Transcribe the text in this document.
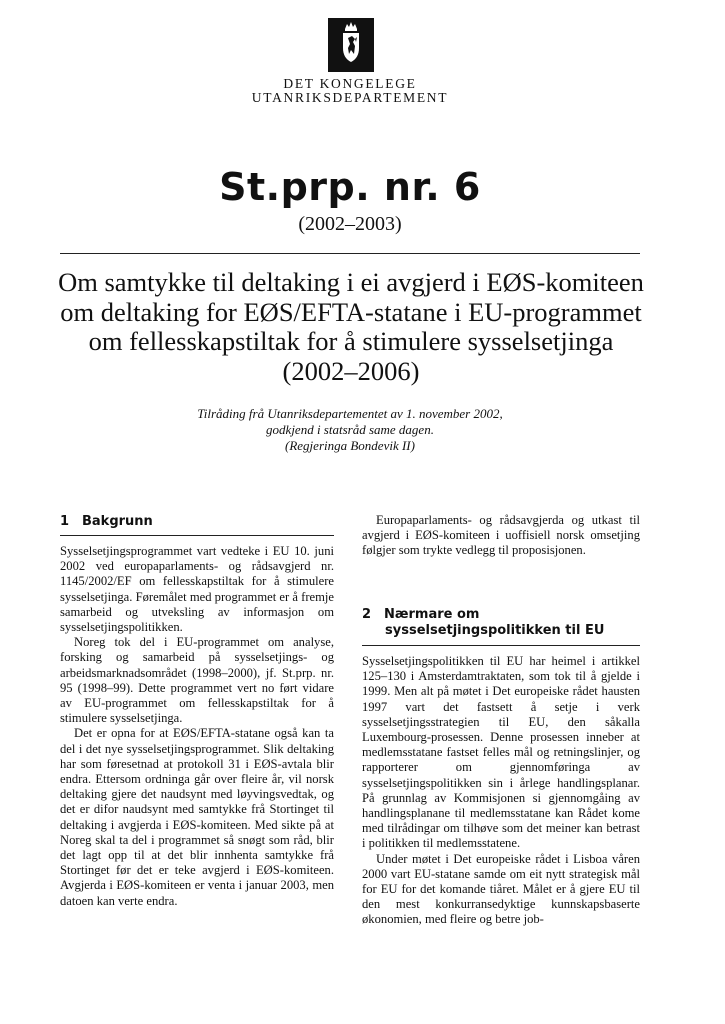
DET KONGELEGE
UTANRIKSDEPARTEMENT
St.prp. nr. 6
(2002–2003)
Om samtykke til deltaking i ei avgjerd i EØS-komiteen om deltaking for EØS/EFTA-statane i EU-programmet om fellesskapstiltak for å stimulere sysselsetjinga (2002–2006)
Tilråding frå Utanriksdepartementet av 1. november 2002,
godkjend i statsråd same dagen.
(Regjeringa Bondevik II)
1 Bakgrunn

Sysselsetjingsprogrammet vart vedteke i EU 10. juni 2002 ved europaparlaments- og rådsavgjerd nr. 1145/2002/EF om fellesskapstiltak for å stimulere sysselsetjinga. Føremålet med programmet er å fremje samarbeid og utveksling av informasjon om sysselsetjingspolitikken.

Noreg tok del i EU-programmet om analyse, forsking og samarbeid på sysselsetjings- og arbeidsmarknadsområdet (1998–2000), jf. St.prp. nr. 95 (1998–99). Dette programmet vert no ført vidare av EU-programmet om fellesskapstiltak for å stimulere sysselsetjinga.

Det er opna for at EØS/EFTA-statane også kan ta del i det nye sysselsetjingsprogrammet. Slik deltaking har som føresetnad at protokoll 31 i EØS-avtala blir endra. Ettersom ordninga går over fleire år, vil norsk deltaking gjere det naudsynt med løyvingsvedtak, og det er difor naudsynt med samtykke frå Stortinget til deltaking i avgjerda i EØS-komiteen. Med sikte på at Noreg skal ta del i programmet så snøgt som råd, blir det lagt opp til at det blir innhenta samtykke frå Stortinget før det er teke avgjerd i EØS-komiteen. Avgjerda i EØS-komiteen er venta i januar 2003, men datoen kan verte endra.

Europaparlaments- og rådsavgjerda og utkast til avgjerd i EØS-komiteen i uoffisiell norsk omsetjing følgjer som trykte vedlegg til proposisjonen.

2 Nærmare om
sysselsetjingspolitikken til EU

Sysselsetjingspolitikken til EU har heimel i artikkel 125–130 i Amsterdamtraktaten, som tok til å gjelde i 1999. Men alt på møtet i Det europeiske rådet hausten 1997 vart det fastsett å setje i verk sysselsetjingsstrategien til EU, den såkalla Luxembourg-prosessen. Denne prosessen inneber at medlemsstatane fastset felles mål og retningslinjer, og rapporterer om gjennomføringa av sysselsetjingspolitikken sin i årlege handlingsplanar. På grunnlag av Kommisjonen si gjennomgåing av handlingsplanane til medlemsstatane kan Rådet kome med tilrådingar om tilhøve som det meiner kan betrast i politikken til medlemsstatene.

Under møtet i Det europeiske rådet i Lisboa våren 2000 vart EU-statane samde om eit nytt strategisk mål for EU for det komande tiåret. Målet er å gjere EU til den mest konkurransedyktige kunnskapsbaserte økonomien, med fleire og betre job-
